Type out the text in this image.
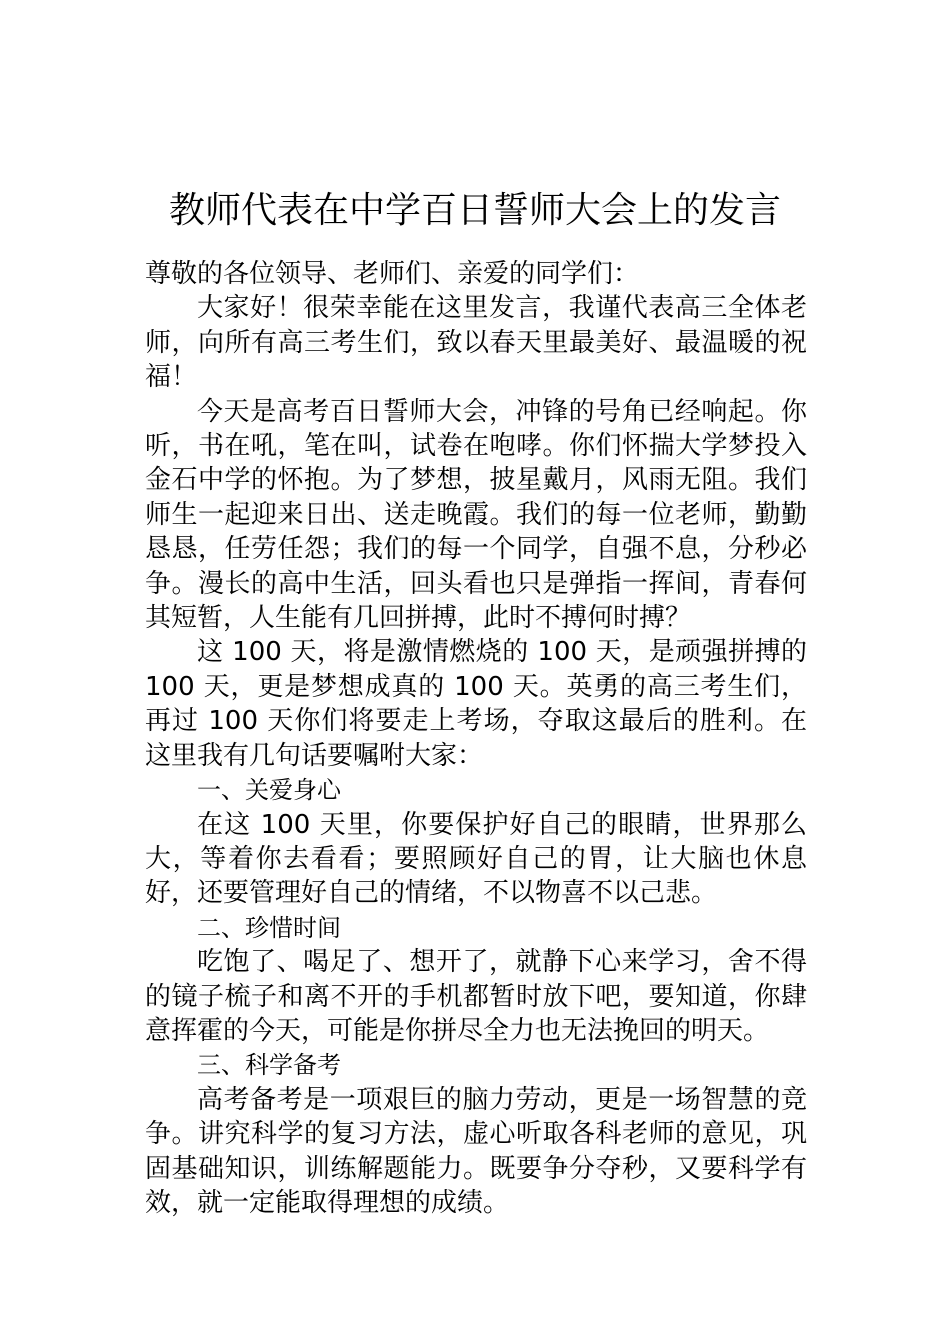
教师代表在中学百日誓师大会上的发言

尊敬的各位领导、老师们、亲爱的同学们：

大家好！很荣幸能在这里发言，我谨代表高三全体老师，向所有高三考生们，致以春天里最美好、最温暖的祝福！

今天是高考百日誓师大会，冲锋的号角已经响起。你听，书在吼，笔在叫，试卷在咆哮。你们怀揣大学梦投入金石中学的怀抱。为了梦想，披星戴月，风雨无阻。我们师生一起迎来日出、送走晚霞。我们的每一位老师，勤勤恳恳，任劳任怨；我们的每一个同学，自强不息，分秒必争。漫长的高中生活，回头看也只是弹指一挥间，青春何其短暂，人生能有几回拼搏，此时不搏何时搏？

这 100 天，将是激情燃烧的 100 天，是顽强拼搏的 100 天，更是梦想成真的 100 天。英勇的高三考生们，再过 100 天你们将要走上考场，夺取这最后的胜利。在这里我有几句话要嘱咐大家：

一、关爱身心

在这 100 天里，你要保护好自己的眼睛，世界那么大，等着你去看看；要照顾好自己的胃，让大脑也休息好，还要管理好自己的情绪，不以物喜不以己悲。

二、珍惜时间

吃饱了、喝足了、想开了，就静下心来学习，舍不得的镜子梳子和离不开的手机都暂时放下吧，要知道，你肆意挥霍的今天，可能是你拼尽全力也无法挽回的明天。

三、科学备考

高考备考是一项艰巨的脑力劳动，更是一场智慧的竞争。讲究科学的复习方法，虚心听取各科老师的意见，巩固基础知识，训练解题能力。既要争分夺秒，又要科学有效，就一定能取得理想的成绩。
